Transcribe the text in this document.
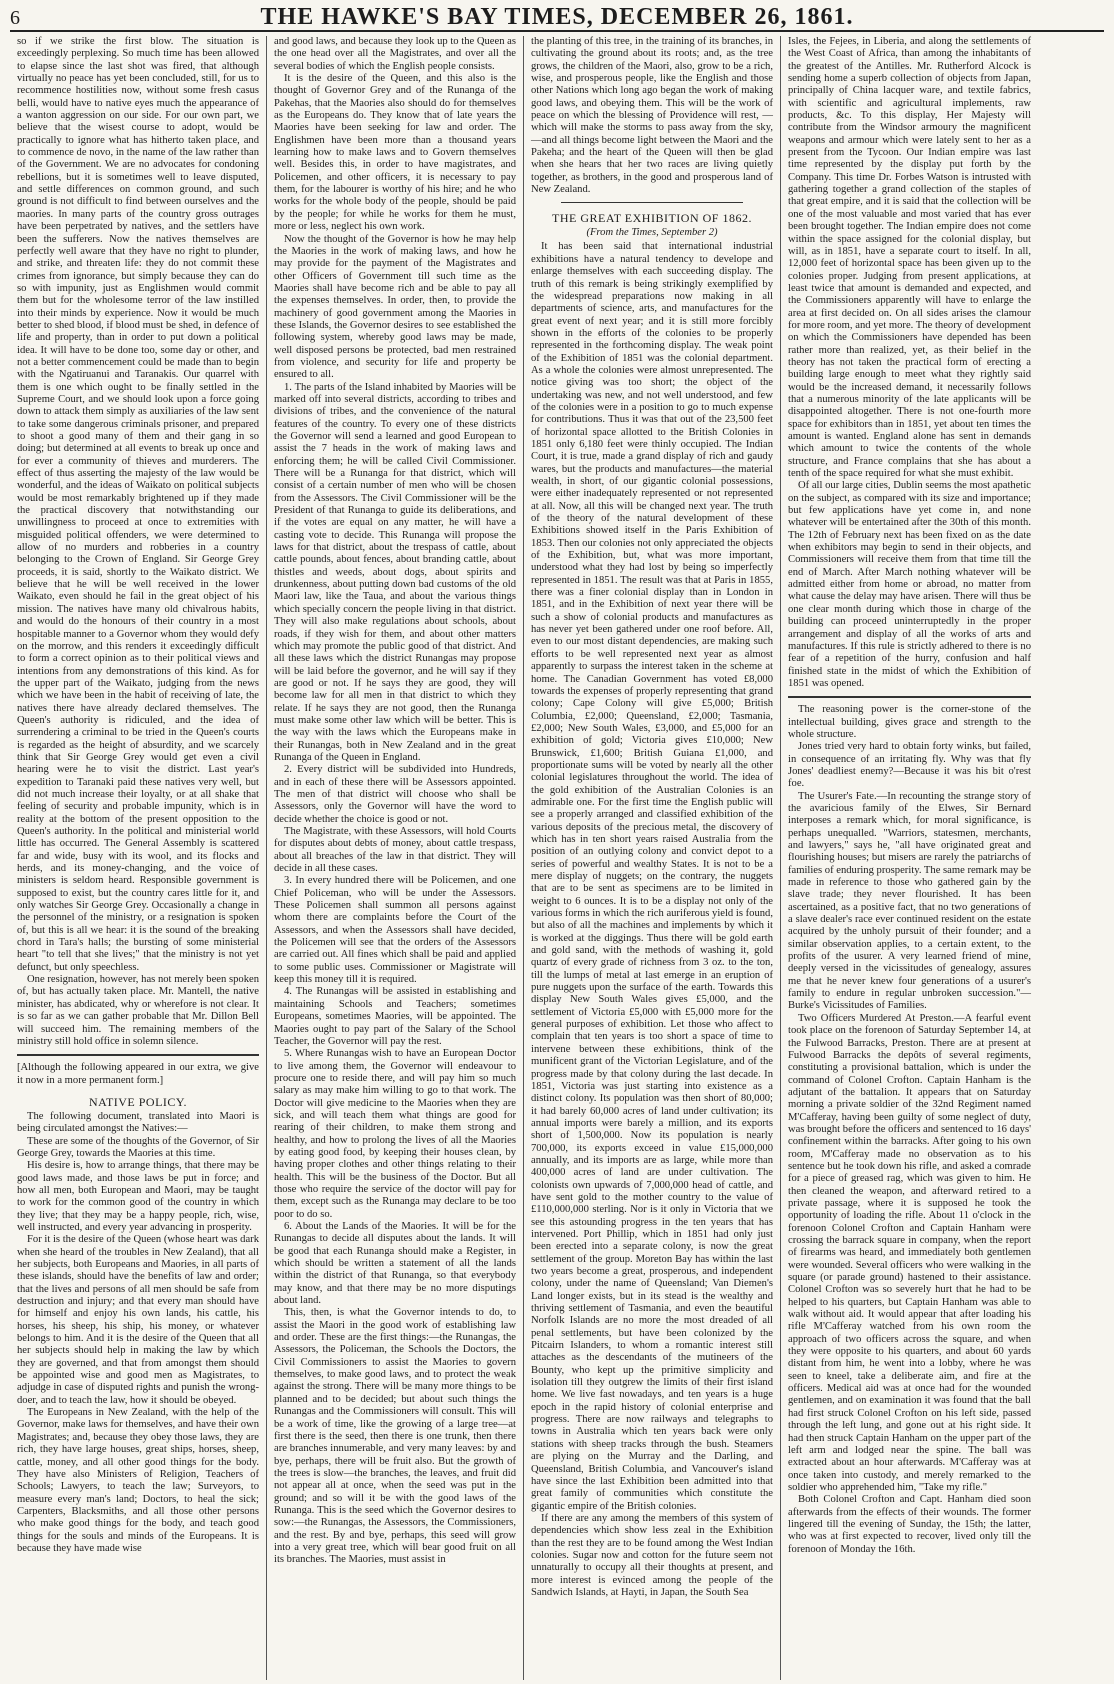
6	THE HAWKE'S BAY TIMES, DECEMBER 26, 1861.

so if we strike the first blow. The situation is exceedingly perplexing. So much time has been allowed to elapse since the last shot was fired, that although virtually no peace has yet been concluded, still, for us to recommence hostilities now, without some fresh casus belli, would have to native eyes much the appearance of a wanton aggression on our side. For our own part, we believe that the wisest course to adopt, would be practically to ignore what has hitherto taken place, and to commence de novo, in the name of the law rather than of the Government. We are no advocates for condoning rebellions, but it is sometimes well to leave disputed, and settle differences on common ground, and such ground is not difficult to find between ourselves and the maories. In many parts of the country gross outrages have been perpetrated by natives, and the settlers have been the sufferers. Now the natives themselves are perfectly well aware that they have no right to plunder, and strike, and threaten life: they do not commit these crimes from ignorance, but simply because they can do so with impunity, just as Englishmen would commit them but for the wholesome terror of the law instilled into their minds by experience. Now it would be much better to shed blood, if blood must be shed, in defence of life and property, than in order to put down a political idea. It will have to be done too, some day or other, and not a better commencement could be made than to begin with the Ngatiruanui and Taranakis. Our quarrel with them is one which ought to be finally settled in the Supreme Court, and we should look upon a force going down to attack them simply as auxiliaries of the law sent to take some dangerous criminals prisoner, and prepared to shoot a good many of them and their gang in so doing; but determined at all events to break up once and for ever a community of thieves and murderers. The effect of thus asserting the majesty of the law would be wonderful, and the ideas of Waikato on political subjects would be most remarkably brightened up if they made the practical discovery that notwithstanding our unwillingness to proceed at once to extremities with misguided political offenders, we were determined to allow of no murders and robberies in a country belonging to the Crown of England. Sir George Grey proceeds, it is said, shortly to the Waikato district. We believe that he will be well received in the lower Waikato, even should he fail in the great object of his mission. The natives have many old chivalrous habits, and would do the honours of their country in a most hospitable manner to a Governor whom they would defy on the morrow, and this renders it exceedingly difficult to form a correct opinion as to their political views and intentions from any demonstrations of this kind. As for the upper part of the Waikato, judging from the news which we have been in the habit of receiving of late, the natives there have already declared themselves. The Queen's authority is ridiculed, and the idea of surrendering a criminal to be tried in the Queen's courts is regarded as the height of absurdity, and we scarcely think that Sir George Grey would get even a civil hearing were he to visit the district. Last year's expedition to Taranaki paid these natives very well, but did not much increase their loyalty, or at all shake that feeling of security and probable impunity, which is in reality at the bottom of the present opposition to the Queen's authority. In the political and ministerial world little has occurred. The General Assembly is scattered far and wide, busy with its wool, and its flocks and herds, and its money-changing, and the voice of ministers is seldom heard. Responsible government is supposed to exist, but the country cares little for it, and only watches Sir George Grey. Occasionally a change in the personnel of the ministry, or a resignation is spoken of, but this is all we hear: it is the sound of the breaking chord in Tara's halls; the bursting of some ministerial heart "to tell that she lives;" that the ministry is not yet defunct, but only speechless.

One resignation, however, has not merely been spoken of, but has actually taken place. Mr. Mantell, the native minister, has abdicated, why or wherefore is not clear. It is so far as we can gather probable that Mr. Dillon Bell will succeed him. The remaining members of the ministry still hold office in solemn silence.

[Although the following appeared in our extra, we give it now in a more permanent form.]

NATIVE POLICY.

The following document, translated into Maori is being circulated amongst the Natives:—

These are some of the thoughts of the Governor, of Sir George Grey, towards the Maories at this time.

His desire is, how to arrange things, that there may be good laws made, and those laws be put in force; and how all men, both European and Maori, may be taught to work for the common good of the country in which they live; that they may be a happy people, rich, wise, well instructed, and every year advancing in prosperity.

For it is the desire of the Queen (whose heart was dark when she heard of the troubles in New Zealand), that all her subjects, both Europeans and Maories, in all parts of these islands, should have the benefits of law and order; that the lives and persons of all men should be safe from destruction and injury; and that every man should have for himself and enjoy his own lands, his cattle, his horses, his sheep, his ship, his money, or whatever belongs to him. And it is the desire of the Queen that all her subjects should help in making the law by which they are governed, and that from amongst them should be appointed wise and good men as Magistrates, to adjudge in case of disputed rights and punish the wrong-doer, and to teach the law, how it should be obeyed.

The Europeans in New Zealand, with the help of the Governor, make laws for themselves, and have their own Magistrates; and, because they obey those laws, they are rich, they have large houses, great ships, horses, sheep, cattle, money, and all other good things for the body. They have also Ministers of Religion, Teachers of Schools; Lawyers, to teach the law; Surveyors, to measure every man's land; Doctors, to heal the sick; Carpenters, Blacksmiths, and all those other persons who make good things for the body, and teach good things for the souls and minds of the Europeans. It is because they have made wise

and good laws, and because they look up to the Queen as the one head over all the Magistrates, and over all the several bodies of which the English people consists.

It is the desire of the Queen, and this also is the thought of Governor Grey and of the Runanga of the Pakehas, that the Maories also should do for themselves as the Europeans do. They know that of late years the Maories have been seeking for law and order. The Englishmen have been more than a thousand years learning how to make laws and to Govern themselves well. Besides this, in order to have magistrates, and Policemen, and other officers, it is necessary to pay them, for the labourer is worthy of his hire; and he who works for the whole body of the people, should be paid by the people; for while he works for them he must, more or less, neglect his own work.

Now the thought of the Governor is how he may help the Maories in the work of making laws, and how he may provide for the payment of the Magistrates and other Officers of Government till such time as the Maories shall have become rich and be able to pay all the expenses themselves. In order, then, to provide the machinery of good government among the Maories in these Islands, the Governor desires to see established the following system, whereby good laws may be made, well disposed persons be protected, bad men restrained from violence, and security for life and property be ensured to all.

1. The parts of the Island inhabited by Maories will be marked off into several districts, according to tribes and divisions of tribes, and the convenience of the natural features of the country. To every one of these districts the Governor will send a learned and good European to assist the 7 heads in the work of making laws and enforcing them; he will be called Civil Commissioner. There will be a Runanga for that district, which will consist of a certain number of men who will be chosen from the Assessors. The Civil Commissioner will be the President of that Runanga to guide its deliberations, and if the votes are equal on any matter, he will have a casting vote to decide. This Runanga will propose the laws for that district, about the trespass of cattle, about cattle pounds, about fences, about branding cattle, about thistles and weeds, about dogs, about spirits and drunkenness, about putting down bad customs of the old Maori law, like the Taua, and about the various things which specially concern the people living in that district. They will also make regulations about schools, about roads, if they wish for them, and about other matters which may promote the public good of that district. And all these laws which the district Runangas may propose will be laid before the governor, and he will say if they are good or not. If he says they are good, they will become law for all men in that district to which they relate. If he says they are not good, then the Runanga must make some other law which will be better. This is the way with the laws which the Europeans make in their Runangas, both in New Zealand and in the great Runanga of the Queen in England.

2. Every district will be subdivided into Hundreds, and in each of these there will be Assessors appointed. The men of that district will choose who shall be Assessors, only the Governor will have the word to decide whether the choice is good or not.

The Magistrate, with these Assessors, will hold Courts for disputes about debts of money, about cattle trespass, about all breaches of the law in that district. They will decide in all these cases.

3. In every hundred there will be Policemen, and one Chief Policeman, who will be under the Assessors. These Policemen shall summon all persons against whom there are complaints before the Court of the Assessors, and when the Assessors shall have decided, the Policemen will see that the orders of the Assessors are carried out. All fines which shall be paid and applied to some public uses. Commissioner or Magistrate will keep this money till it is required.

4. The Runangas will be assisted in establishing and maintaining Schools and Teachers; sometimes Europeans, sometimes Maories, will be appointed. The Maories ought to pay part of the Salary of the School Teacher, the Governor will pay the rest.

5. Where Runangas wish to have an European Doctor to live among them, the Governor will endeavour to procure one to reside there, and will pay him so much salary as may make him willing to go to that work. The Doctor will give medicine to the Maories when they are sick, and will teach them what things are good for rearing of their children, to make them strong and healthy, and how to prolong the lives of all the Maories by eating good food, by keeping their houses clean, by having proper clothes and other things relating to their health. This will be the business of the Doctor. But all those who require the service of the doctor will pay for them, except such as the Runanga may declare to be too poor to do so.

6. About the Lands of the Maories. It will be for the Runangas to decide all disputes about the lands. It will be good that each Runanga should make a Register, in which should be written a statement of all the lands within the district of that Runanga, so that everybody may know, and that there may be no more disputings about land.

This, then, is what the Governor intends to do, to assist the Maori in the good work of establishing law and order. These are the first things:—the Runangas, the Assessors, the Policeman, the Schools the Doctors, the Civil Commissioners to assist the Maories to govern themselves, to make good laws, and to protect the weak against the strong. There will be many more things to be planned and to be decided; but about such things the Runangas and the Commissioners will consult. This will be a work of time, like the growing of a large tree—at first there is the seed, then there is one trunk, then there are branches innumerable, and very many leaves: by and bye, perhaps, there will be fruit also. But the growth of the trees is slow—the branches, the leaves, and fruit did not appear all at once, when the seed was put in the ground; and so will it be with the good laws of the Runanga. This is the seed which the Governor desires to sow:—the Runangas, the Assessors, the Commissioners, and the rest. By and bye, perhaps, this seed will grow into a very great tree, which will bear good fruit on all its branches. The Maories, must assist in

the planting of this tree, in the training of its branches, in cultivating the ground about its roots; and, as the tree grows, the children of the Maori, also, grow to be a rich, wise, and prosperous people, like the English and those other Nations which long ago began the work of making good laws, and obeying them. This will be the work of peace on which the blessing of Providence will rest, —which will make the storms to pass away from the sky,—and all things become light between the Maori and the Pakeha; and the heart of the Queen will then be glad when she hears that her two races are living quietly together, as brothers, in the good and prosperous land of New Zealand.

THE GREAT EXHIBITION OF 1862.
(From the Times, September 2)

It has been said that international industrial exhibitions have a natural tendency to develope and enlarge themselves with each succeeding display. The truth of this remark is being strikingly exemplified by the widespread preparations now making in all departments of science, arts, and manufactures for the great event of next year; and it is still more forcibly shown in the efforts of the colonies to be properly represented in the forthcoming display. The weak point of the Exhibition of 1851 was the colonial department. As a whole the colonies were almost unrepresented. The notice giving was too short; the object of the undertaking was new, and not well understood, and few of the colonies were in a position to go to much expense for contributions. Thus it was that out of the 23,500 feet of horizontal space allotted to the British Colonies in 1851 only 6,180 feet were thinly occupied. The Indian Court, it is true, made a grand display of rich and gaudy wares, but the products and manufactures—the material wealth, in short, of our gigantic colonial possessions, were either inadequately represented or not represented at all. Now, all this will be changed next year. The truth of the theory of the natural development of these Exhibitions showed itself in the Paris Exhibition of 1853. Then our colonies not only appreciated the objects of the Exhibition, but, what was more important, understood what they had lost by being so imperfectly represented in 1851. The result was that at Paris in 1855, there was a finer colonial display than in London in 1851, and in the Exhibition of next year there will be such a show of colonial products and manufactures as has never yet been gathered under one roof before. All, even to our most distant dependencies, are making such efforts to be well represented next year as almost apparently to surpass the interest taken in the scheme at home. The Canadian Government has voted £8,000 towards the expenses of properly representing that grand colony; Cape Colony will give £5,000; British Columbia, £2,000; Queensland, £2,000; Tasmania, £2,000; New South Wales, £3,000, and £5,000 for an exhibition of gold; Victoria gives £10,000; New Brunswick, £1,600; British Guiana £1,000, and proportionate sums will be voted by nearly all the other colonial legislatures throughout the world. The idea of the gold exhibition of the Australian Colonies is an admirable one. For the first time the English public will see a properly arranged and classified exhibition of the various deposits of the precious metal, the discovery of which has in ten short years raised Australia from the position of an outlying colony and convict depot to a series of powerful and wealthy States. It is not to be a mere display of nuggets; on the contrary, the nuggets that are to be sent as specimens are to be limited in weight to 6 ounces. It is to be a display not only of the various forms in which the rich auriferous yield is found, but also of all the machines and implements by which it is worked at the diggings. Thus there will be gold earth and gold sand, with the methods of washing it, gold quartz of every grade of richness from 3 oz. to the ton, till the lumps of metal at last emerge in an eruption of pure nuggets upon the surface of the earth. Towards this display New South Wales gives £5,000, and the settlement of Victoria £5,000 with £5,000 more for the general purposes of exhibition. Let those who affect to complain that ten years is too short a space of time to intervene between these exhibitions, think of the munificent grant of the Victorian Legislature, and of the progress made by that colony during the last decade. In 1851, Victoria was just starting into existence as a distinct colony. Its population was then short of 80,000; it had barely 60,000 acres of land under cultivation; its annual imports were barely a million, and its exports short of 1,500,000. Now its population is nearly 700,000, its exports exceed in value £15,000,000 annually, and its imports are as large, while more than 400,000 acres of land are under cultivation. The colonists own upwards of 7,000,000 head of cattle, and have sent gold to the mother country to the value of £110,000,000 sterling. Nor is it only in Victoria that we see this astounding progress in the ten years that has intervened. Port Phillip, which in 1851 had only just been erected into a separate colony, is now the great settlement of the group. Moreton Bay has within the last two years become a great, prosperous, and independent colony, under the name of Queensland; Van Diemen's Land longer exists, but in its stead is the wealthy and thriving settlement of Tasmania, and even the beautiful Norfolk Islands are no more the most dreaded of all penal settlements, but have been colonized by the Pitcairn Islanders, to whom a romantic interest still attaches as the descendants of the mutineers of the Bounty, who kept up the primitive simplicity and isolation till they outgrew the limits of their first island home. We live fast nowadays, and ten years is a huge epoch in the rapid history of colonial enterprise and progress. There are now railways and telegraphs to towns in Australia which ten years back were only stations with sheep tracks through the bush. Steamers are plying on the Murray and the Darling, and Queensland, British Columbia, and Vancouver's island have since the last Exhibition been admitted into that great family of communities which constitute the gigantic empire of the British colonies.

If there are any among the members of this system of dependencies which show less zeal in the Exhibition than the rest they are to be found among the West Indian colonies. Sugar now and cotton for the future seem not unnaturally to occupy all their thoughts at present, and more interest is evinced among the people of the Sandwich Islands, at Hayti, in Japan, the South Sea

Isles, the Fejees, in Liberia, and along the settlements of the West Coast of Africa, than among the inhabitants of the greatest of the Antilles. Mr. Rutherford Alcock is sending home a superb collection of objects from Japan, principally of China lacquer ware, and textile fabrics, with scientific and agricultural implements, raw products, &c. To this display, Her Majesty will contribute from the Windsor armoury the magnificent weapons and armour which were lately sent to her as a present from the Tycoon. Our Indian empire was last time represented by the display put forth by the Company. This time Dr. Forbes Watson is intrusted with gathering together a grand collection of the staples of that great empire, and it is said that the collection will be one of the most valuable and most varied that has ever been brought together. The Indian empire does not come within the space assigned for the colonial display, but will, as in 1851, have a separate court to itself. In all, 12,000 feet of horizontal space has been given up to the colonies proper. Judging from present applications, at least twice that amount is demanded and expected, and the Commissioners apparently will have to enlarge the area at first decided on. On all sides arises the clamour for more room, and yet more. The theory of development on which the Commissioners have depended has been rather more than realized, yet, as their belief in the theory has not taken the practical form of erecting a building large enough to meet what they rightly said would be the increased demand, it necessarily follows that a numerous minority of the late applicants will be disappointed altogether. There is not one-fourth more space for exhibitors than in 1851, yet about ten times the amount is wanted. England alone has sent in demands which amount to twice the contents of the whole structure, and France complains that she has about a tenth of the space required for what she must exhibit.

Of all our large cities, Dublin seems the most apathetic on the subject, as compared with its size and importance; but few applications have yet come in, and none whatever will be entertained after the 30th of this month. The 12th of February next has been fixed on as the date when exhibitors may begin to send in their objects, and Commissioners will receive them from that time till the end of March. After March nothing whatever will be admitted either from home or abroad, no matter from what cause the delay may have arisen. There will thus be one clear month during which those in charge of the building can proceed uninterruptedly in the proper arrangement and display of all the works of arts and manufactures. If this rule is strictly adhered to there is no fear of a repetition of the hurry, confusion and half finished state in the midst of which the Exhibition of 1851 was opened.

The reasoning power is the corner-stone of the intellectual building, gives grace and strength to the whole structure.

Jones tried very hard to obtain forty winks, but failed, in consequence of an irritating fly. Why was that fly Jones' deadliest enemy?—Because it was his bit o'rest foe.

The Usurer's Fate.—In recounting the strange story of the avaricious family of the Elwes, Sir Bernard interposes a remark which, for moral significance, is perhaps unequalled. "Warriors, statesmen, merchants, and lawyers," says he, "all have originated great and flourishing houses; but misers are rarely the patriarchs of families of enduring prosperity. The same remark may be made in reference to those who gathered gain by the slave trade; they never flourished. It has been ascertained, as a positive fact, that no two generations of a slave dealer's race ever continued resident on the estate acquired by the unholy pursuit of their founder; and a similar observation applies, to a certain extent, to the profits of the usurer. A very learned friend of mine, deeply versed in the vicissitudes of genealogy, assures me that he never knew four generations of a usurer's family to endure in regular unbroken succession."—Burke's Vicissitudes of Families.

Two Officers Murdered At Preston.—A fearful event took place on the forenoon of Saturday September 14, at the Fulwood Barracks, Preston. There are at present at Fulwood Barracks the depôts of several regiments, constituting a provisional battalion, which is under the command of Colonel Crofton. Captain Hanham is the adjutant of the battalion. It appears that on Saturday morning a private soldier of the 32nd Regiment named M'Cafferay, having been guilty of some neglect of duty, was brought before the officers and sentenced to 16 days' confinement within the barracks. After going to his own room, M'Cafferay made no observation as to his sentence but he took down his rifle, and asked a comrade for a piece of greased rag, which was given to him. He then cleaned the weapon, and afterward retired to a private passage, where it is supposed he took the opportunity of loading the rifle. About 11 o'clock in the forenoon Colonel Crofton and Captain Hanham were crossing the barrack square in company, when the report of firearms was heard, and immediately both gentlemen were wounded. Several officers who were walking in the square (or parade ground) hastened to their assistance. Colonel Crofton was so severely hurt that he had to be helped to his quarters, but Captain Hanham was able to walk without aid. It would appear that after loading his rifle M'Cafferay watched from his own room the approach of two officers across the square, and when they were opposite to his quarters, and about 60 yards distant from him, he went into a lobby, where he was seen to kneel, take a deliberate aim, and fire at the officers. Medical aid was at once had for the wounded gentlemen, and on examination it was found that the ball had first struck Colonel Crofton on his left side, passed through the left lung, and gone out at his right side. It had then struck Captain Hanham on the upper part of the left arm and lodged near the spine. The ball was extracted about an hour afterwards. M'Cafferay was at once taken into custody, and merely remarked to the soldier who apprehended him, "Take my rifle."

Both Colonel Crofton and Capt. Hanham died soon afterwards from the effects of their wounds. The former lingered till the evening of Sunday, the 15th; the latter, who was at first expected to recover, lived only till the forenoon of Monday the 16th.
